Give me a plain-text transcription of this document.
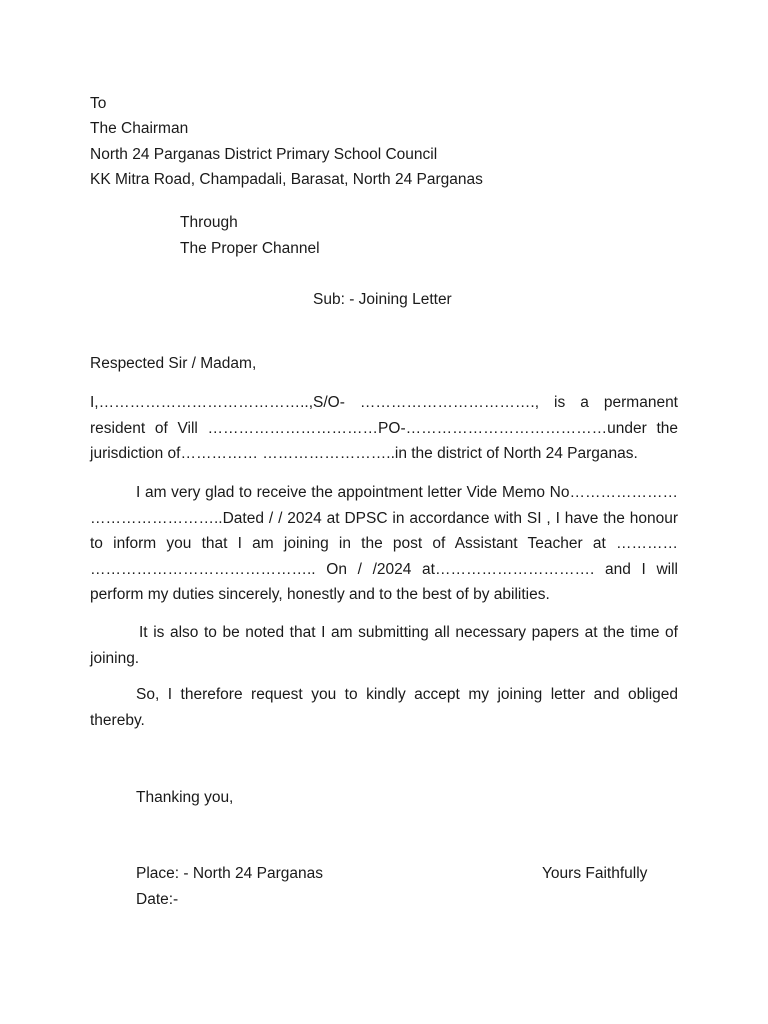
To

The Chairman

North 24 Parganas District Primary School Council

KK Mitra Road, Champadali, Barasat, North 24 Parganas

Through

The Proper Channel

Sub: - Joining Letter

Respected Sir / Madam,

I,…………………………………..,S/O- ……………………………., is a permanent resident of Vill ……………………………PO-…………………………………under the jurisdiction of…………… ……………………..in the district of North 24 Parganas.

I am very glad to receive the appointment letter Vide Memo No………………… ……………………..Dated / / 2024 at DPSC in accordance with SI , I have the honour to inform you that I am joining in the post of Assistant Teacher at ………… …………………………………….. On / /2024 at…………………………. and I will perform my duties sincerely, honestly and to the best of by abilities.

It is also to be noted that I am submitting all necessary papers at the time of joining.

So, I therefore request you to kindly accept my joining letter and obliged thereby.

Thanking you,

Place: - North 24 Parganas	Yours Faithfully

Date:-
